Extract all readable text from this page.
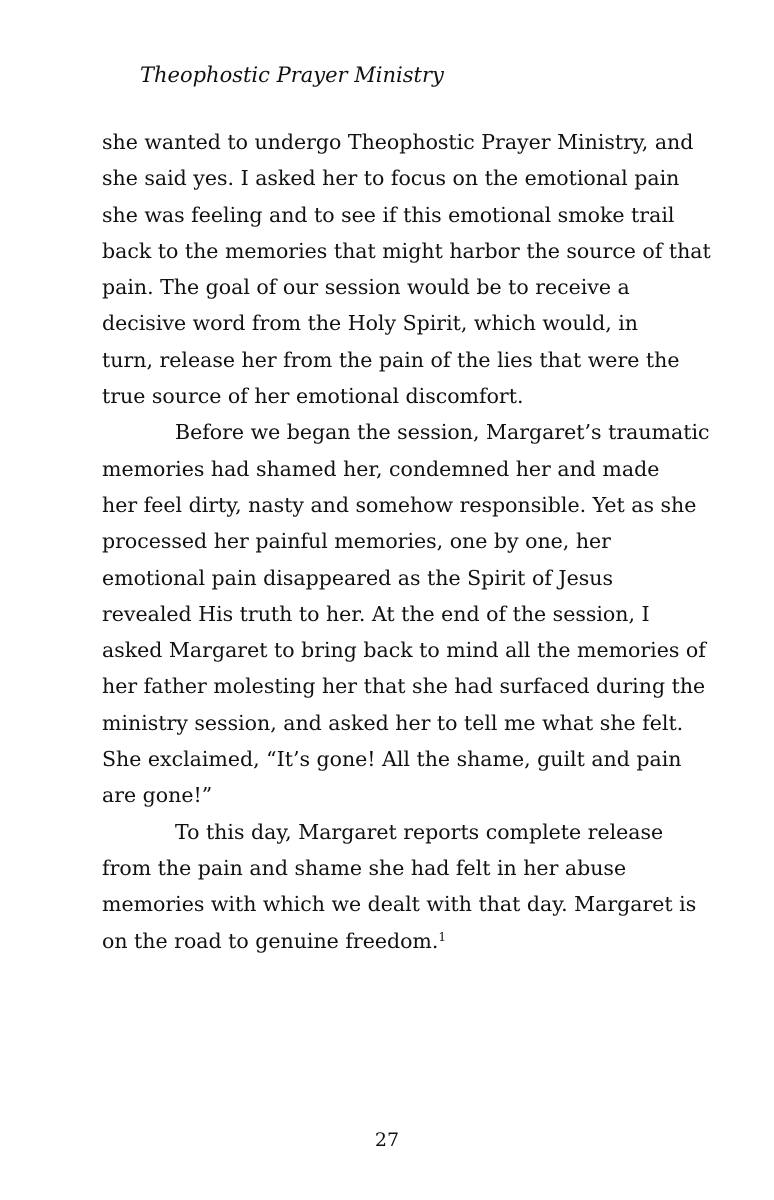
Theophostic Prayer Ministry
she wanted to undergo Theophostic Prayer Ministry, and
she said yes. I asked her to focus on the emotional pain
she was feeling and to see if this emotional smoke trail
back to the memories that might harbor the source of that
pain. The goal of our session would be to receive a
decisive word from the Holy Spirit, which would, in
turn, release her from the pain of the lies that were the
true source of her emotional discomfort.
Before we began the session, Margaret’s traumatic
memories had shamed her, condemned her and made
her feel dirty, nasty and somehow responsible. Yet as she
processed her painful memories, one by one, her
emotional pain disappeared as the Spirit of Jesus
revealed His truth to her. At the end of the session, I
asked Margaret to bring back to mind all the memories of
her father molesting her that she had surfaced during the
ministry session, and asked her to tell me what she felt.
She exclaimed, “It’s gone! All the shame, guilt and pain
are gone!”
To this day, Margaret reports complete release
from the pain and shame she had felt in her abuse
memories with which we dealt with that day. Margaret is
on the road to genuine freedom.$^1$
27
